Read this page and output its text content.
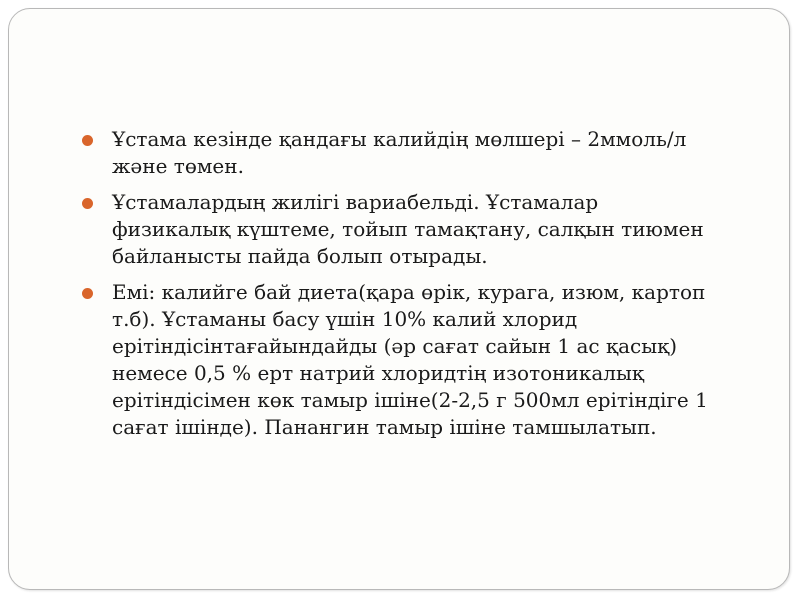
Ұстама кезінде қандағы калийдің мөлшері – 2ммоль/л және төмен.
Ұстамалардың жилігі вариабельді. Ұстамалар физикалық күштеме, тойып тамақтану, салқын тиюмен байланысты пайда болып отырады.
Емі: калийге бай диета(қара өрік, курага, изюм, картоп т.б). Ұстаманы басу үшін 10% калий хлорид ерітіндісінтағайындайды (әр сағат сайын 1 ас қасық) немесе 0,5 % ерт натрий хлоридтің изотоникалық ерітіндісімен көк тамыр ішіне(2-2,5 г 500мл ерітіндіге 1 сағат ішінде). Панангин тамыр ішіне тамшылатып.
